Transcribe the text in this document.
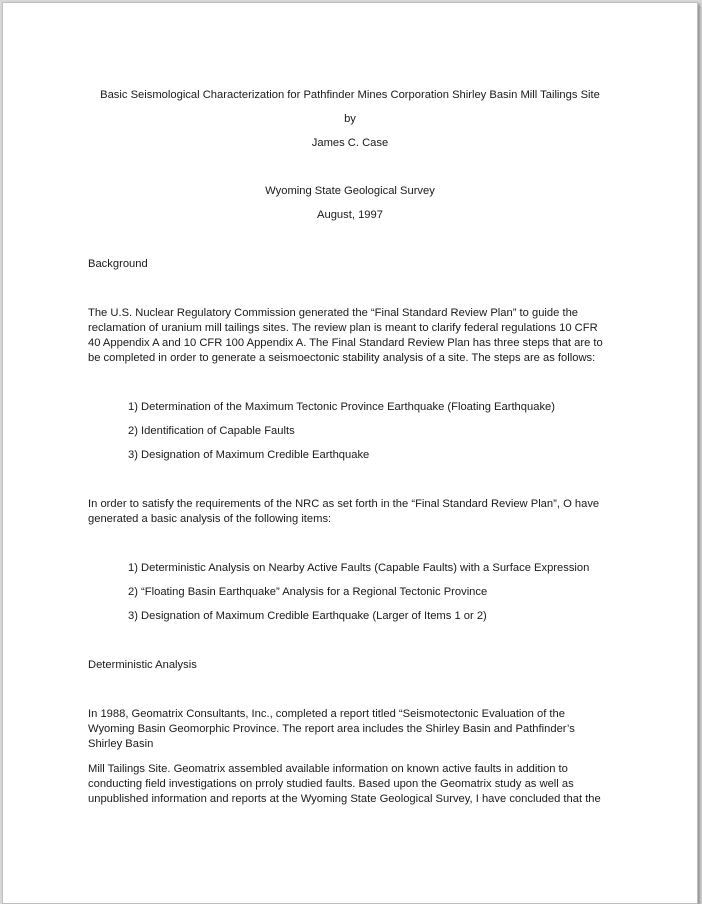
Basic Seismological Characterization for Pathfinder Mines Corporation Shirley Basin Mill Tailings Site
by
James C. Case
Wyoming State Geological Survey
August, 1997
Background
The U.S. Nuclear Regulatory Commission generated the “Final Standard Review Plan” to guide the
reclamation of uranium mill tailings sites. The review plan is meant to clarify federal regulations 10 CFR
40 Appendix A and 10 CFR 100 Appendix A. The Final Standard Review Plan has three steps that are to
be completed in order to generate a seismoectonic stability analysis of a site. The steps are as follows:
1) Determination of the Maximum Tectonic Province Earthquake (Floating Earthquake)
2) Identification of Capable Faults
3) Designation of Maximum Credible Earthquake
In order to satisfy the requirements of the NRC as set forth in the “Final Standard Review Plan”, O have
generated a basic analysis of the following items:
1) Deterministic Analysis on Nearby Active Faults (Capable Faults) with a Surface Expression
2) “Floating Basin Earthquake” Analysis for a Regional Tectonic Province
3) Designation of Maximum Credible Earthquake (Larger of Items 1 or 2)
Deterministic Analysis
In 1988, Geomatrix Consultants, Inc., completed a report titled “Seismotectonic Evaluation of the
Wyoming Basin Geomorphic Province. The report area includes the Shirley Basin and Pathfinder’s
Shirley Basin
Mill Tailings Site. Geomatrix assembled available information on known active faults in addition to
conducting field investigations on prroly studied faults. Based upon the Geomatrix study as well as
unpublished information and reports at the Wyoming State Geological Survey, I have concluded that the
